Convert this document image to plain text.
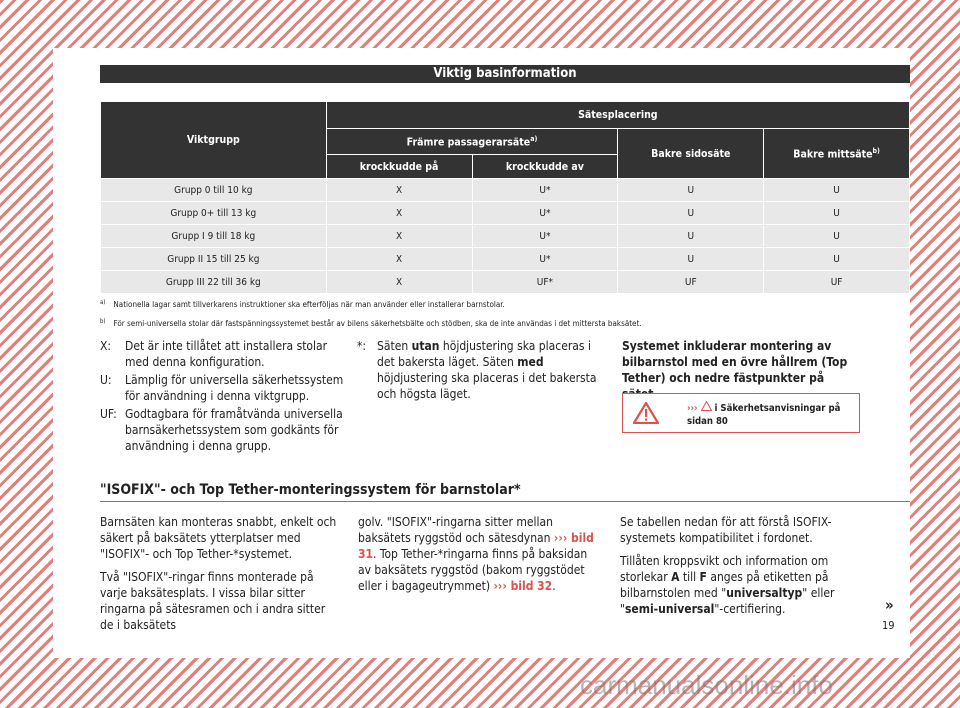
Viktig basinformation
Viktgrupp	Sätesplacering			
	Främre passagerarsäte$^{a)}$		Bakre sidosäte	Bakre mittsäte$^{b)}$
	krockkudde på	krockkudde av		
Grupp 0 till 10 kg	X	U*	U	U
Grupp 0+ till 13 kg	X	U*	U	U
Grupp I 9 till 18 kg	X	U*	U	U
Grupp II 15 till 25 kg	X	U*	U	U
Grupp III 22 till 36 kg	X	UF*	UF	UF
$^{a)}$ Nationella lagar samt tillverkarens instruktioner ska efterföljas när man använder eller installerar barnstolar.
$^{b)}$ För semi-universella stolar där fastspänningssystemet består av bilens säkerhetsbälte och stödben, ska de inte användas i det mittersta baksätet.
X:	Det är inte tillåtet att installera stolar med denna konfiguration.
U:	Lämplig för universella säkerhetssystem för användning i denna viktgrupp.
UF: Godtagbara för framåtvända universella barnsäkerhetssystem som godkänts för användning i denna grupp.
*: Säten utan höjdjustering ska placeras i det bakersta läget. Säten med höjdjustering ska placeras i det bakersta och högsta läget.
Systemet inkluderar montering av bilbarnstol med en övre hållrem (Top Tether) och nedre fästpunkter på
›››  i Säkerhetsanvisningar på
sidan 80
"ISOFIX"- och Top Tether-monteringssystem för barnstolar*

Barnsäten kan monteras snabbt, enkelt och säkert på baksätets ytterplatser med "ISOFIX"- och Top Tether-*systemet.

Två "ISOFIX"-ringar finns monterade på varje baksätesplats. I vissa bilar sitter ringarna på sätesramen och i andra sitter de i baksätets

golv. "ISOFIX"-ringarna sitter mellan baksätets ryggstöd och sätesdynan ››› bild 31. Top Tether-*ringarna finns på baksidan av baksätets ryggstöd (bakom ryggstödet eller i bagageutrymmet) ››› bild 32.

Se tabellen nedan för att förstå ISOFIX-systemets kompatibilitet i fordonet.

Tillåten kroppsvikt och information om storlekar A till F anges på etiketten på bilbarnstolen med "universaltyp" eller "semi-universal"-certifiering.	»
19
carmanualsonline.info
